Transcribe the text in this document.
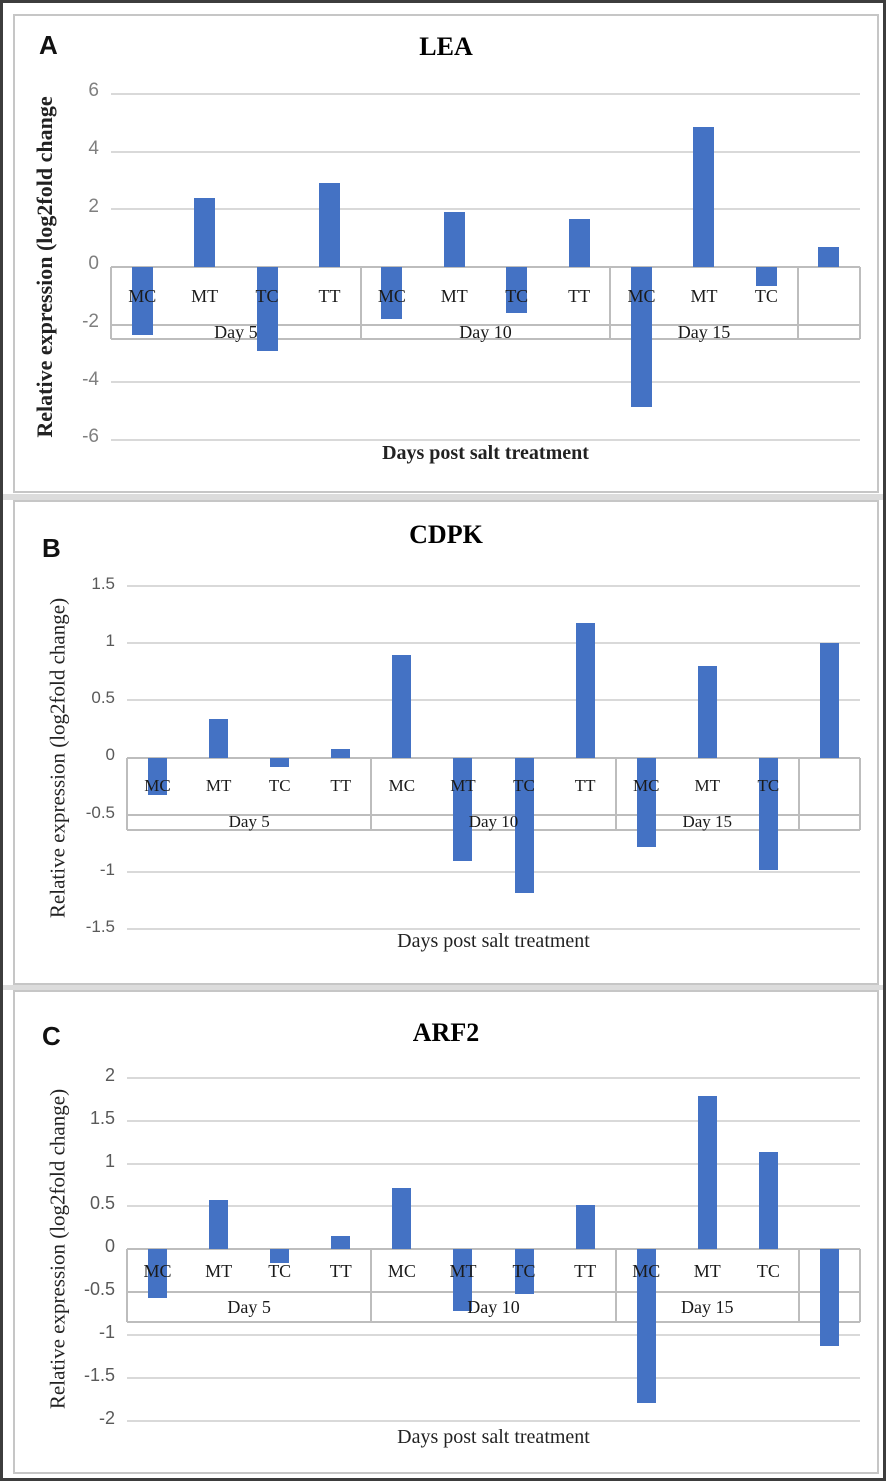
A	LEA
Relative expression (log2fold change
Days post salt treatment
6
4
2
0
-2
-4
-6
MC	MT	TC	TT	MC	MT	TC	TT	MC	MT	TC
Day 5	Day 10	Day 15
B	CDPK
Relative expression (log2fold change)
Days post salt treatment
1.5
1
0.5
0
-0.5
-1
-1.5
MC	MT	TC	TT	MC	MT	TC	TT	MC	MT	TC
Day 5	Day 10	Day 15
C	ARF2
Relative expression (log2fold change)
Days post salt treatment
2
1.5
1
0.5
0
-0.5
-1
-1.5
-2
MC	MT	TC	TT	MC	MT	TC	TT	MC	MT	TC
Day 5	Day 10	Day 15
